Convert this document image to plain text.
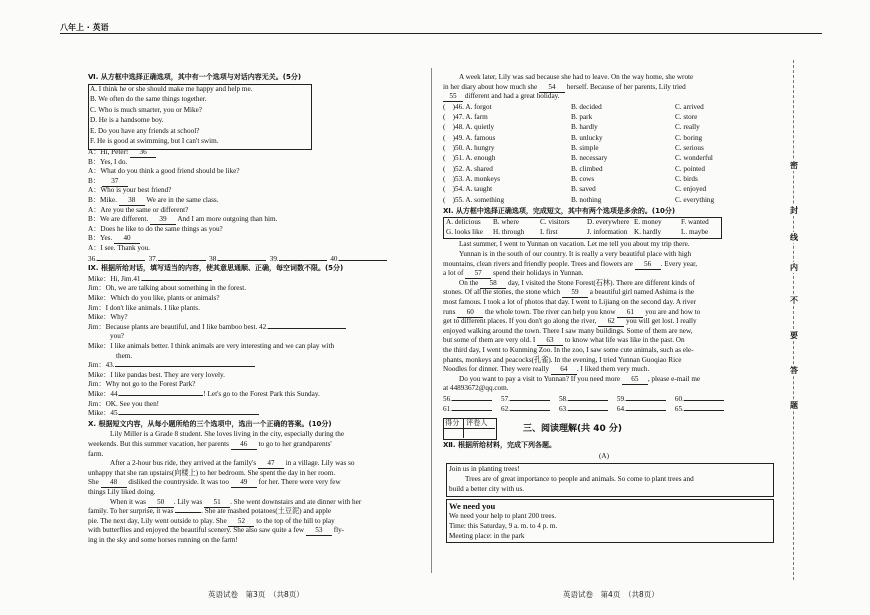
八年上 · 英语
Ⅵ. 从方框中选择正确选项，其中有一个选项与对话内容无关。(5分)
A. I think he or she should make me happy and help me.
B. We often do the same things together.
C. Who is much smarter, you or Mike?
D. He is a handsome boy.
E. Do you have any friends at school?
F. He is good at swimming, but I can't swim.
A：Hi, Peter! 36
B：Yes, I do.
A：What do you think a good friend should be like?
B： 37
A：Who is your best friend?
B：Mike. 38 We are in the same class.
A：Are you the same or different?
B：We are different. 39 And I am more outgoing than him.
A：Does he like to do the same things as you?
B：Yes. 40
A：I see. Thank you.
36.	37.	38.	39.	40.
Ⅸ. 根据所给对话，填写适当的内容，使其意思通顺、正确，每空词数不限。(5分)
Mike：Hi, Jim.41.
Jim：Oh, we are talking about something in the forest.
Mike：Which do you like, plants or animals?
Jim：I don't like animals. I like plants.
Mike：Why?
Jim：Because plants are beautiful, and I like bamboo best. 42.
you?
Mike：I like animals better. I think animals are very interesting and we can play with
them.
Jim：43.
Mike：I like pandas best. They are very lovely.
Jim：Why not go to the Forest Park?
Mike：44.	! Let's go to the Forest Park this Sunday.
Jim：OK. See you then!
Mike：45.
Ⅹ. 根据短文内容，从每小题所给的三个选项中，选出一个正确的答案。(10分)
Lily Miller is a Grade 8 student. She loves living in the city, especially during the
weekends. But this summer vacation, her parents 46 to go to her grandparents'
farm.
After a 2-hour bus ride, they arrived at the family's 47 in a village. Lily was so
unhappy that she ran upstairs(向楼上) to her bedroom. She spent the day in her room.
She 48 disliked the countryside. It was too 49 for her. There were very few
things Lily liked doing.
When it was 50 . Lily was 51 . She went downstairs and ate dinner with her
family. To her surprise, it was	. She ate mashed potatoes(土豆泥) and apple
pie. The next day, Lily went outside to play. She 52 to the top of the hill to play
with butterflies and enjoyed the beautiful scenery. She also saw quite a few 53 fly-
ing in the sky and some horses running on the farm!
英语试卷　第3页　（共8页）
A week later, Lily was sad because she had to leave. On the way home, she wrote
in her diary about how much she 54 herself. Because of her parents, Lily tried
55 different and had a great holiday.
(　)46. A. forgot	B. decided	C. arrived
(　)47. A. farm	B. park	C. store
(　)48. A. quietly	B. hardly	C. really
(　)49. A. famous	B. unlucky	C. boring
(　)50. A. hungry	B. simple	C. serious
(　)51. A. enough	B. necessary	C. wonderful
(　)52. A. shared	B. climbed	C. pointed
(　)53. A. monkeys	B. cows	C. birds
(　)54. A. taught	B. saved	C. enjoyed
(　)55. A. something	B. nothing	C. everything
Ⅺ. 从方框中选择正确选项，完成短文，其中有两个选项是多余的。(10分)
A. delicious B. where	C. visitors D. everywhere E. money	F. wanted
G. looks like H. through I. first	J. information K. hardly	L. maybe
Last summer, I went to Yunnan on vacation. Let me tell you about my trip there.
Yunnan is in the south of our country. It is really a very beautiful place with high
mountains, clean rivers and friendly people. Trees and flowers are 56 . Every year,
a lot of 57 spend their holidays in Yunnan.
On the 58 day, I visited the Stone Forest(石林). There are different kinds of
stones. Of all the stones, the stone which 59 a beautiful girl named Ashima is the
most famous. I took a lot of photos that day. I went to Lijiang on the second day. A river
runs 60 the whole town. The river can help you know 61 you are and how to
get to different places. If you don't go along the river, 62 you will get lost. I really
enjoyed walking around the town. There I saw many buildings. Some of them are new,
but some of them are very old. I 63 to know what life was like in the past. On
the third day, I went to Kunming Zoo. In the zoo, I saw some cute animals, such as ele-
phants, monkeys and peacocks(孔雀). In the evening, I tried Yunnan Guoqiao Rice
Noodles for dinner. They were really 64 . I liked them very much.
Do you want to pay a visit to Yunnan? If you need more 65 , please e-mail me
at 44893672@qq.com.
56.	57.	58.	59.	60.
61.	62.	63.	64.	65.
得分 评卷人
三、阅读理解(共 40 分)
Ⅻ. 根据所给材料，完成下列各题。
(A)
Join us in planting trees!
Trees are of great importance to people and animals. So come to plant trees and
build a better city with us.
We need you
We need your help to plant 200 trees.
Time: this Saturday, 9 a. m. to 4 p. m.
Meeting place: in the park
英语试卷　第4页　（共8页）
密
封
线
内
不
要
答
题
